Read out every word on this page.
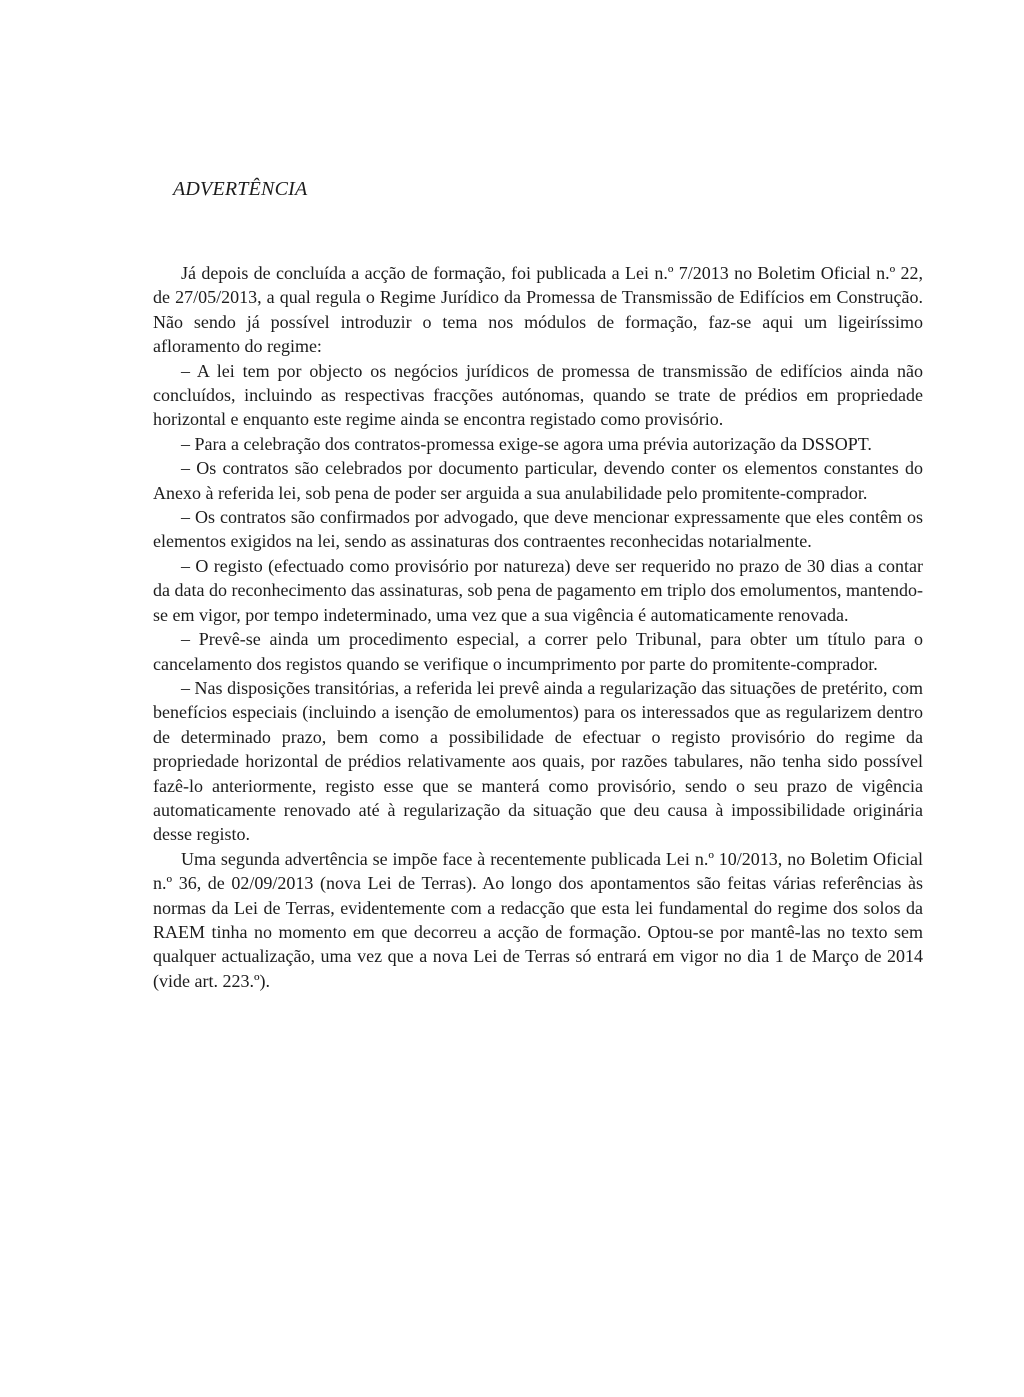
ADVERTÊNCIA

Já depois de concluída a acção de formação, foi publicada a Lei n.º 7/2013 no Boletim Oficial n.º 22, de 27/05/2013, a qual regula o Regime Jurídico da Promessa de Transmissão de Edifícios em Construção. Não sendo já possível introduzir o tema nos módulos de formação, faz-se aqui um ligeiríssimo afloramento do regime:

– A lei tem por objecto os negócios jurídicos de promessa de transmissão de edifícios ainda não concluídos, incluindo as respectivas fracções autónomas, quando se trate de prédios em propriedade horizontal e enquanto este regime ainda se encontra registado como provisório.

– Para a celebração dos contratos-promessa exige-se agora uma prévia autorização da DSSOPT.

– Os contratos são celebrados por documento particular, devendo conter os elementos constantes do Anexo à referida lei, sob pena de poder ser arguida a sua anulabilidade pelo promitente-comprador.

– Os contratos são confirmados por advogado, que deve mencionar expressamente que eles contêm os elementos exigidos na lei, sendo as assinaturas dos contraentes reconhecidas notarialmente.

– O registo (efectuado como provisório por natureza) deve ser requerido no prazo de 30 dias a contar da data do reconhecimento das assinaturas, sob pena de pagamento em triplo dos emolumentos, mantendo-se em vigor, por tempo indeterminado, uma vez que a sua vigência é automaticamente renovada.

– Prevê-se ainda um procedimento especial, a correr pelo Tribunal, para obter um título para o cancelamento dos registos quando se verifique o incumprimento por parte do promitente-comprador.

– Nas disposições transitórias, a referida lei prevê ainda a regularização das situações de pretérito, com benefícios especiais (incluindo a isenção de emolumentos) para os interessados que as regularizem dentro de determinado prazo, bem como a possibilidade de efectuar o registo provisório do regime da propriedade horizontal de prédios relativamente aos quais, por razões tabulares, não tenha sido possível fazê-lo anteriormente, registo esse que se manterá como provisório, sendo o seu prazo de vigência automaticamente renovado até à regularização da situação que deu causa à impossibilidade originária desse registo.

Uma segunda advertência se impõe face à recentemente publicada Lei n.º 10/2013, no Boletim Oficial n.º 36, de 02/09/2013 (nova Lei de Terras). Ao longo dos apontamentos são feitas várias referências às normas da Lei de Terras, evidentemente com a redacção que esta lei fundamental do regime dos solos da RAEM tinha no momento em que decorreu a acção de formação. Optou-se por mantê-las no texto sem qualquer actualização, uma vez que a nova Lei de Terras só entrará em vigor no dia 1 de Março de 2014 (vide art. 223.º).
